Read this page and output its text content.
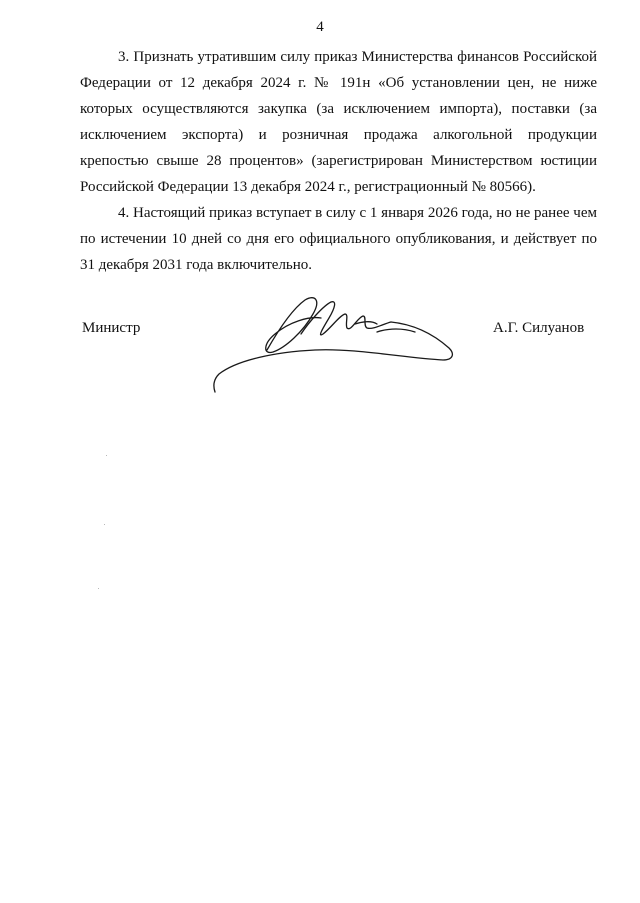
4

3. Признать утратившим силу приказ Министерства финансов Российской Федерации от 12 декабря 2024 г. № 191н «Об установлении цен, не ниже которых осуществляются закупка (за исключением импорта), поставки (за исключением экспорта) и розничная продажа алкогольной продукции крепостью свыше 28 процентов» (зарегистрирован Министерством юстиции Российской Федерации 13 декабря 2024 г., регистрационный № 80566).

4. Настоящий приказ вступает в силу с 1 января 2026 года, но не ранее чем по истечении 10 дней со дня его официального опубликования, и действует по 31 декабря 2031 года включительно.

Министр	А.Г. Силуанов
